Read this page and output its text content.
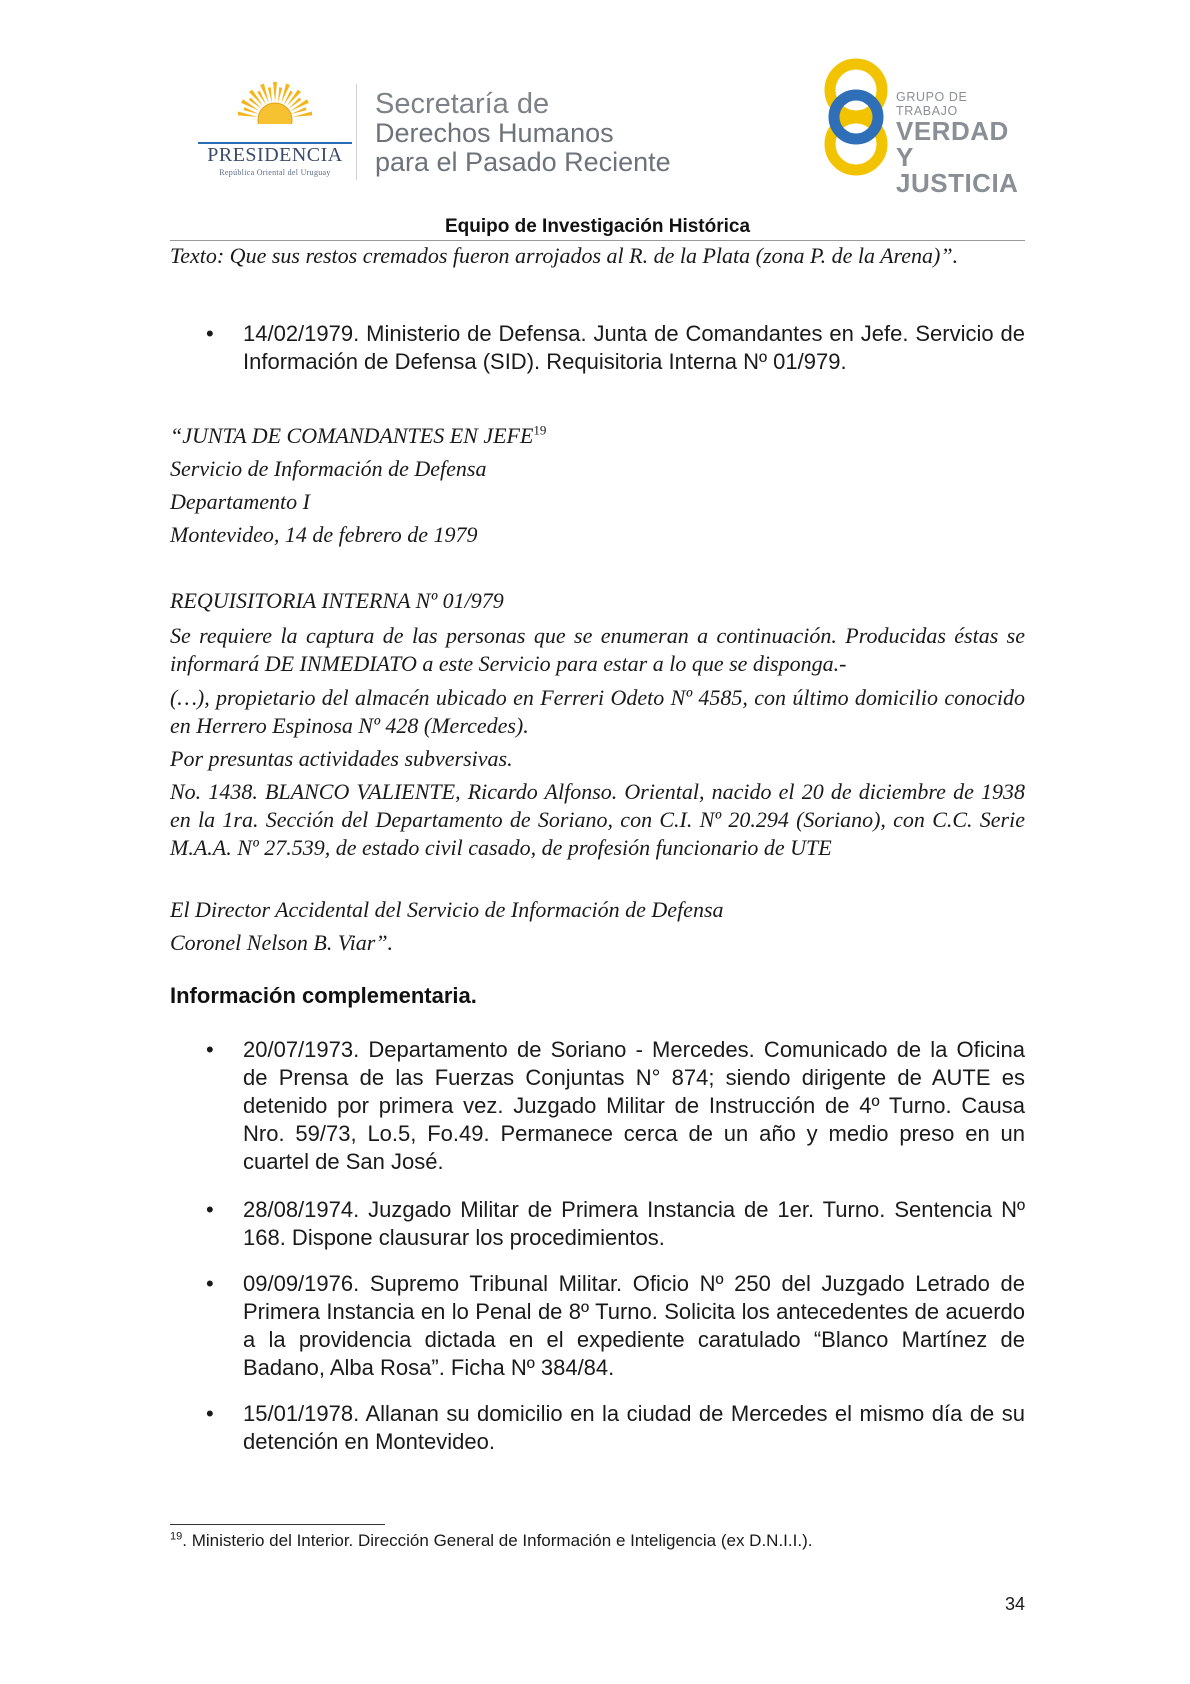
PRESIDENCIA
República Oriental del Uruguay
Secretaría de
Derechos Humanos
para el Pasado Reciente
GRUPO DE TRABAJO
VERDAD Y
JUSTICIA
Equipo de Investigación Histórica
Texto: Que sus restos cremados fueron arrojados al R. de la Plata (zona P. de la Arena)”.
• 14/02/1979. Ministerio de Defensa. Junta de Comandantes en Jefe. Servicio de Información de Defensa (SID). Requisitoria Interna Nº 01/979.
“JUNTA DE COMANDANTES EN JEFE$^{19}$
Servicio de Información de Defensa
Departamento I
Montevideo, 14 de febrero de 1979
REQUISITORIA INTERNA Nº 01/979
Se requiere la captura de las personas que se enumeran a continuación. Producidas éstas se informará DE INMEDIATO a este Servicio para estar a lo que se disponga.-
(…), propietario del almacén ubicado en Ferreri Odeto Nº 4585, con último domicilio conocido en Herrero Espinosa Nº 428 (Mercedes).
Por presuntas actividades subversivas.
No. 1438. BLANCO VALIENTE, Ricardo Alfonso. Oriental, nacido el 20 de diciembre de 1938 en la 1ra. Sección del Departamento de Soriano, con C.I. Nº 20.294 (Soriano), con C.C. Serie M.A.A. Nº 27.539, de estado civil casado, de profesión funcionario de UTE
El Director Accidental del Servicio de Información de Defensa
Coronel Nelson B. Viar”.
Información complementaria.
• 20/07/1973. Departamento de Soriano - Mercedes. Comunicado de la Oficina de Prensa de las Fuerzas Conjuntas N° 874; siendo dirigente de AUTE es detenido por primera vez. Juzgado Militar de Instrucción de 4º Turno. Causa Nro. 59/73, Lo.5, Fo.49. Permanece cerca de un año y medio preso en un cuartel de San José.
• 28/08/1974. Juzgado Militar de Primera Instancia de 1er. Turno. Sentencia Nº 168. Dispone clausurar los procedimientos.
• 09/09/1976. Supremo Tribunal Militar. Oficio Nº 250 del Juzgado Letrado de Primera Instancia en lo Penal de 8º Turno. Solicita los antecedentes de acuerdo a la providencia dictada en el expediente caratulado “Blanco Martínez de Badano, Alba Rosa”. Ficha Nº 384/84.
• 15/01/1978. Allanan su domicilio en la ciudad de Mercedes el mismo día de su detención en Montevideo.
$^{19}$. Ministerio del Interior. Dirección General de Información e Inteligencia (ex D.N.I.I.).
34
